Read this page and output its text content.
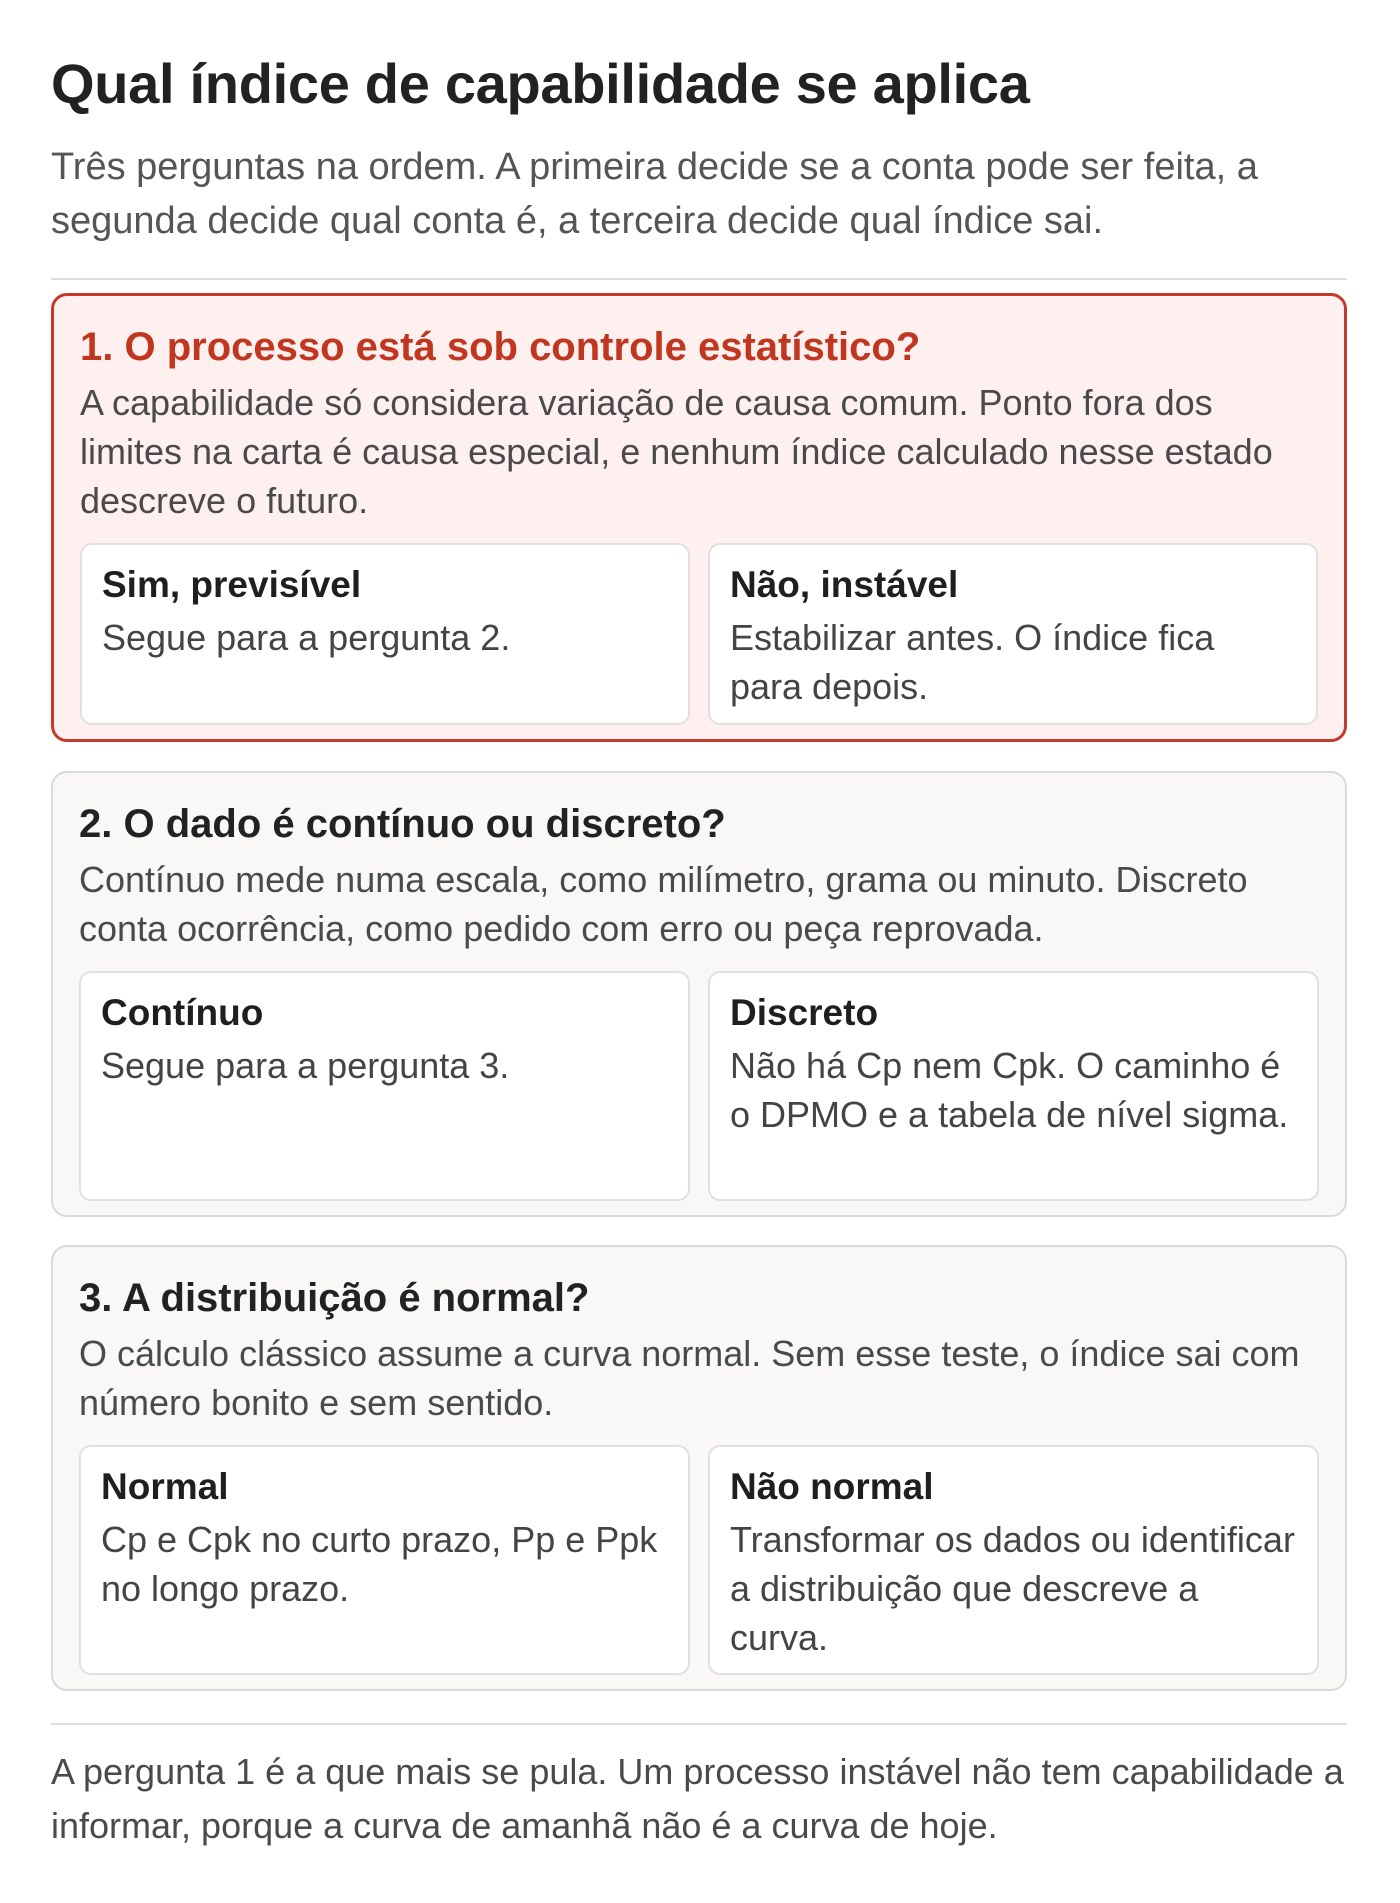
Qual índice de capabilidade se aplica

Três perguntas na ordem. A primeira decide se a conta pode ser feita, a segunda decide qual conta é, a terceira decide qual índice sai.

1. O processo está sob controle estatístico?

A capabilidade só considera variação de causa comum. Ponto fora dos limites na carta é causa especial, e nenhum índice calculado nesse estado descreve o futuro.

Sim, previsível

Segue para a pergunta 2.

Não, instável

Estabilizar antes. O índice fica para depois.

2. O dado é contínuo ou discreto?

Contínuo mede numa escala, como milímetro, grama ou minuto. Discreto conta ocorrência, como pedido com erro ou peça reprovada.

Contínuo

Segue para a pergunta 3.

Discreto

Não há Cp nem Cpk. O caminho é o DPMO e a tabela de nível sigma.

3. A distribuição é normal?

O cálculo clássico assume a curva normal. Sem esse teste, o índice sai com número bonito e sem sentido.

Normal

Cp e Cpk no curto prazo, Pp e Ppk no longo prazo.

Não normal

Transformar os dados ou identificar a distribuição que descreve a curva.

A pergunta 1 é a que mais se pula. Um processo instável não tem capabilidade a informar, porque a curva de amanhã não é a curva de hoje.
